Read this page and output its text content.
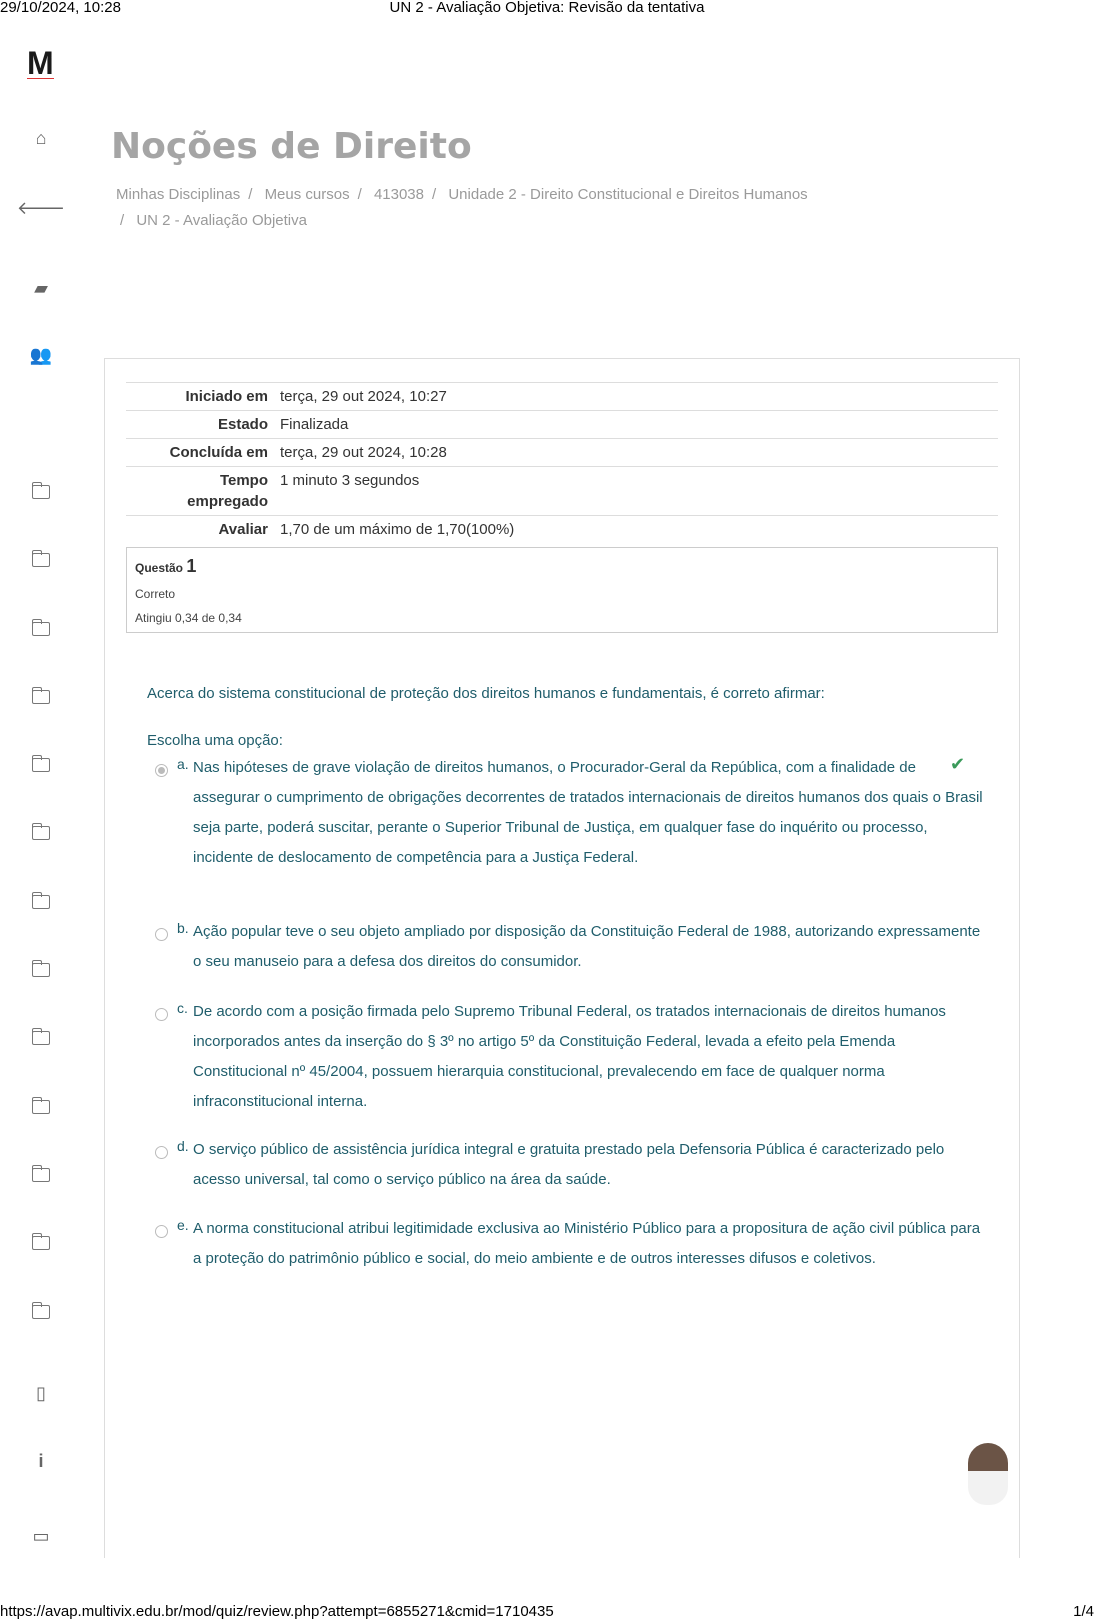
29/10/2024, 10:28	UN 2 - Avaliação Objetiva: Revisão da tentativa
M
⌂
🡐
▰
👥
▯
i
▭
Noções de Direito
Minhas Disciplinas / Meus cursos / 413038 / Unidade 2 - Direito Constitucional e Direitos Humanos
/ UN 2 - Avaliação Objetiva
Iniciado em	terça, 29 out 2024, 10:27
Estado	Finalizada
Concluída em	terça, 29 out 2024, 10:28
Tempo empregado	1 minuto 3 segundos
Avaliar	1,70 de um máximo de 1,70(100%)
Questão 1
Correto
Atingiu 0,34 de 0,34
Acerca do sistema constitucional de proteção dos direitos humanos e fundamentais, é correto afirmar:
Escolha uma opção:
✔
a. Nas hipóteses de grave violação de direitos humanos, o Procurador-Geral da República, com a finalidade de assegurar o cumprimento de obrigações decorrentes de tratados internacionais de direitos humanos dos quais o Brasil seja parte, poderá suscitar, perante o Superior Tribunal de Justiça, em qualquer fase do inquérito ou processo, incidente de deslocamento de competência para a Justiça Federal.
b. Ação popular teve o seu objeto ampliado por disposição da Constituição Federal de 1988, autorizando expressamente o seu manuseio para a defesa dos direitos do consumidor.
c. De acordo com a posição firmada pelo Supremo Tribunal Federal, os tratados internacionais de direitos humanos incorporados antes da inserção do § 3º no artigo 5º da Constituição Federal, levada a efeito pela Emenda Constitucional nº 45/2004, possuem hierarquia constitucional, prevalecendo em face de qualquer norma infraconstitucional interna.
d. O serviço público de assistência jurídica integral e gratuita prestado pela Defensoria Pública é caracterizado pelo acesso universal, tal como o serviço público na área da saúde.
e. A norma constitucional atribui legitimidade exclusiva ao Ministério Público para a propositura de ação civil pública para a proteção do patrimônio público e social, do meio ambiente e de outros interesses difusos e coletivos.
https://avap.multivix.edu.br/mod/quiz/review.php?attempt=6855271&cmid=1710435	1/4
